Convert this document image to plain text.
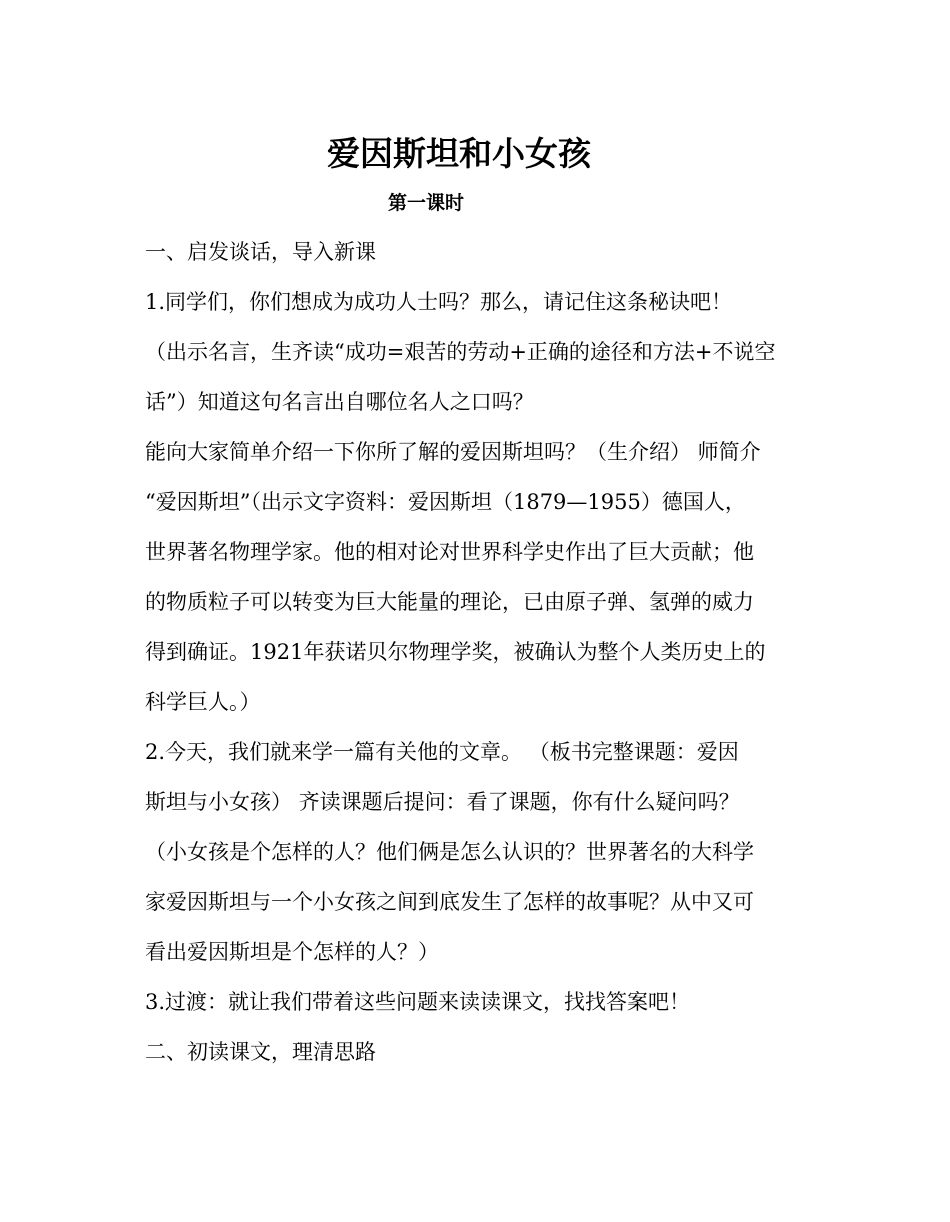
爱因斯坦和小女孩
第一课时
一、启发谈话，导入新课
1.同学们，你们想成为成功人士吗？那么，请记住这条秘诀吧！
（出示名言，生齐读“成功=艰苦的劳动+正确的途径和方法+不说空
话”）知道这句名言出自哪位名人之口吗？
能向大家简单介绍一下你所了解的爱因斯坦吗？（生介绍） 师简介
“爱因斯坦”（出示文字资料：爱因斯坦（1879—1955）德国人，
世界著名物理学家。他的相对论对世界科学史作出了巨大贡献；他
的物质粒子可以转变为巨大能量的理论，已由原子弹、氢弹的威力
得到确证。1921年获诺贝尔物理学奖，被确认为整个人类历史上的
科学巨人。）
2.今天，我们就来学一篇有关他的文章。 （板书完整课题：爱因
斯坦与小女孩） 齐读课题后提问：看了课题，你有什么疑问吗？
（小女孩是个怎样的人？他们俩是怎么认识的？世界著名的大科学
家爱因斯坦与一个小女孩之间到底发生了怎样的故事呢？从中又可
看出爱因斯坦是个怎样的人？）
3.过渡：就让我们带着这些问题来读读课文，找找答案吧！
二、初读课文，理清思路
